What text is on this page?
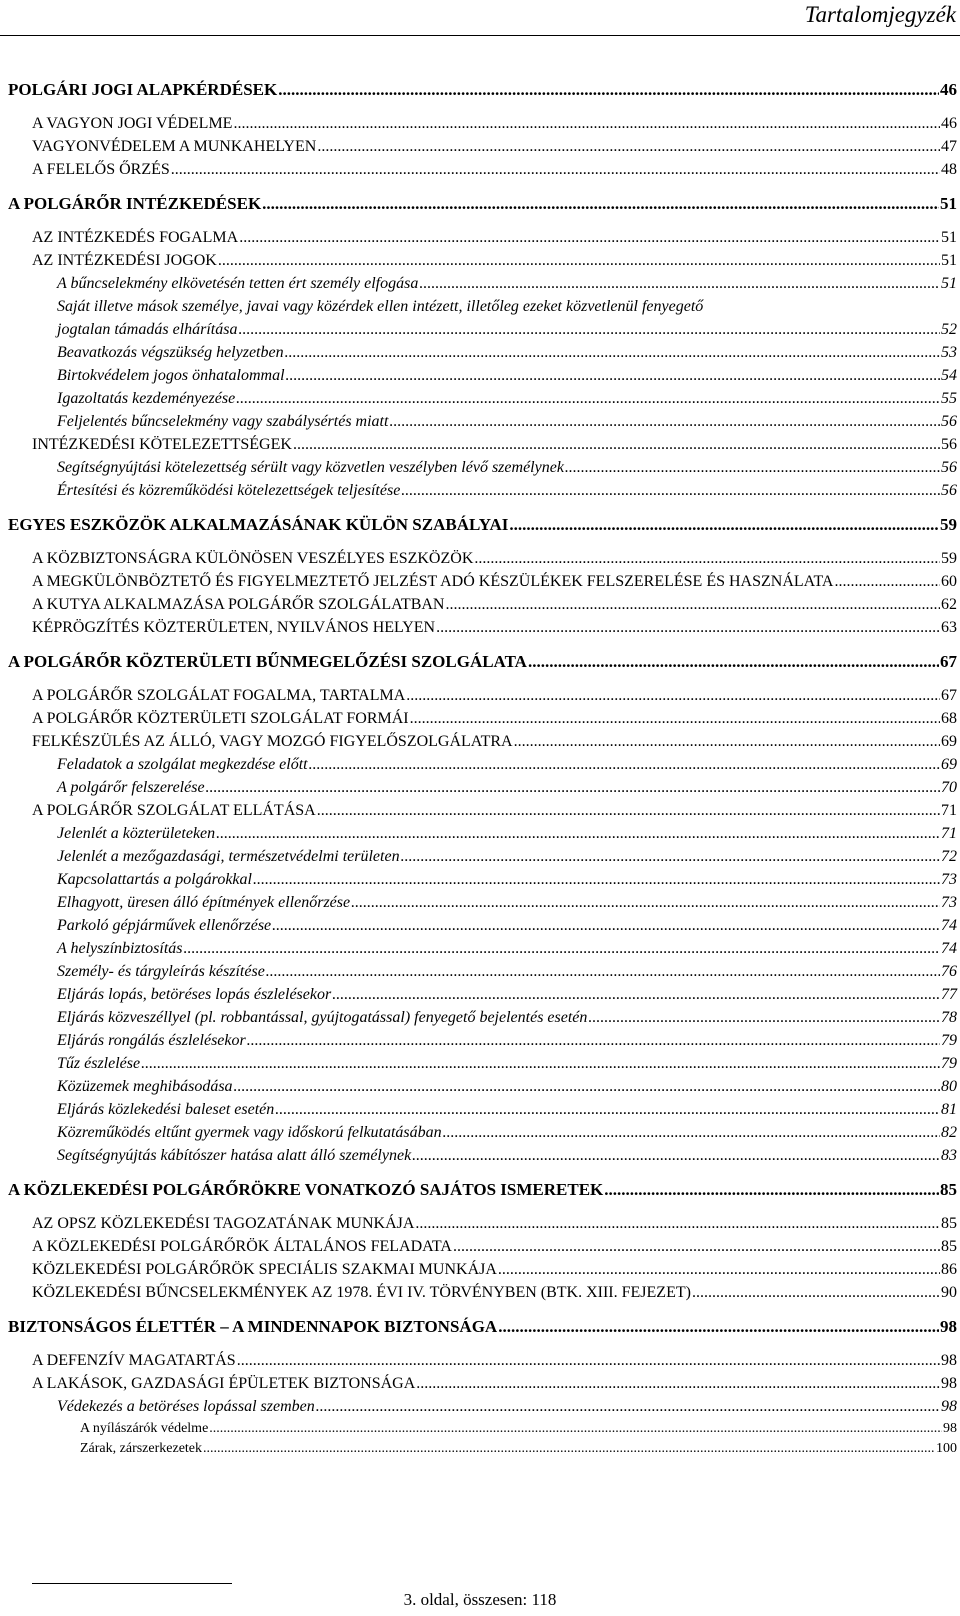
Tartalomjegyzék
POLGÁRI JOGI ALAPKÉRDÉSEK .....	46
A VAGYON JOGI VÉDELME .....	46
VAGYONVÉDELEM A MUNKAHELYEN .....	47
A FELELŐS ŐRZÉS .....	48
A POLGÁRŐR INTÉZKEDÉSEK .....	51
AZ INTÉZKEDÉS FOGALMA .....	51
AZ INTÉZKEDÉSI JOGOK .....	51
A bűncselekmény elkövetésén tetten ért személy elfogása .....	51
Saját illetve mások személye, javai vagy közérdek ellen intézett, illetőleg ezeket közvetlenül fenyegető
jogtalan támadás elhárítása .....	52
Beavatkozás végszükség helyzetben .....	53
Birtokvédelem jogos önhatalommal .....	54
Igazoltatás kezdeményezése .....	55
Feljelentés bűncselekmény vagy szabálysértés miatt .....	56
INTÉZKEDÉSI KÖTELEZETTSÉGEK .....	56
Segítségnyújtási kötelezettség sérült vagy közvetlen veszélyben lévő személynek .....	56
Értesítési és közreműködési kötelezettségek teljesítése .....	56
EGYES ESZKÖZÖK ALKALMAZÁSÁNAK KÜLÖN SZABÁLYAI .....	59
A KÖZBIZTONSÁGRA KÜLÖNÖSEN VESZÉLYES ESZKÖZÖK .....	59
A MEGKÜLÖNBÖZTETŐ ÉS FIGYELMEZTETŐ JELZÉST ADÓ KÉSZÜLÉKEK FELSZERELÉSE ÉS HASZNÁLATA .....	60
A KUTYA ALKALMAZÁSA POLGÁRŐR SZOLGÁLATBAN .....	62
KÉPRÖGZÍTÉS KÖZTERÜLETEN, NYILVÁNOS HELYEN .....	63
A POLGÁRŐR KÖZTERÜLETI BŰNMEGELŐZÉSI SZOLGÁLATA .....	67
A POLGÁRŐR SZOLGÁLAT FOGALMA, TARTALMA .....	67
A POLGÁRŐR KÖZTERÜLETI SZOLGÁLAT FORMÁI .....	68
FELKÉSZÜLÉS AZ ÁLLÓ, VAGY MOZGÓ FIGYELŐSZOLGÁLATRA .....	69
Feladatok a szolgálat megkezdése előtt .....	69
A polgárőr felszerelése .....	70
A POLGÁRŐR SZOLGÁLAT ELLÁTÁSA .....	71
Jelenlét a közterületeken .....	71
Jelenlét a mezőgazdasági, természetvédelmi területen .....	72
Kapcsolattartás a polgárokkal .....	73
Elhagyott, üresen álló építmények ellenőrzése .....	73
Parkoló gépjárművek ellenőrzése .....	74
A helyszínbiztosítás .....	74
Személy- és tárgyleírás készítése .....	76
Eljárás lopás, betöréses lopás észlelésekor .....	77
Eljárás közveszéllyel (pl. robbantással, gyújtogatással) fenyegető bejelentés esetén .....	78
Eljárás rongálás észlelésekor .....	79
Tűz észlelése .....	79
Közüzemek meghibásodása .....	80
Eljárás közlekedési baleset esetén .....	81
Közreműködés eltűnt gyermek vagy időskorú felkutatásában .....	82
Segítségnyújtás kábítószer hatása alatt álló személynek .....	83
A KÖZLEKEDÉSI POLGÁRŐRÖKRE VONATKOZÓ SAJÁTOS ISMERETEK .....	85
AZ OPSZ KÖZLEKEDÉSI TAGOZATÁNAK MUNKÁJA .....	85
A KÖZLEKEDÉSI POLGÁRŐRÖK ÁLTALÁNOS FELADATA .....	85
KÖZLEKEDÉSI POLGÁRŐRÖK SPECIÁLIS SZAKMAI MUNKÁJA .....	86
KÖZLEKEDÉSI BŰNCSELEKMÉNYEK AZ 1978. ÉVI IV. TÖRVÉNYBEN (BTK. XIII. FEJEZET) .....	90
BIZTONSÁGOS ÉLETTÉR – A MINDENNAPOK BIZTONSÁGA .....	98
A DEFENZÍV MAGATARTÁS .....	98
A LAKÁSOK, GAZDASÁGI ÉPÜLETEK BIZTONSÁGA .....	98
Védekezés a betöréses lopással szemben .....	98
A nyílászárók védelme .....	98
Zárak, zárszerkezetek .....	100
3. oldal, összesen: 118
